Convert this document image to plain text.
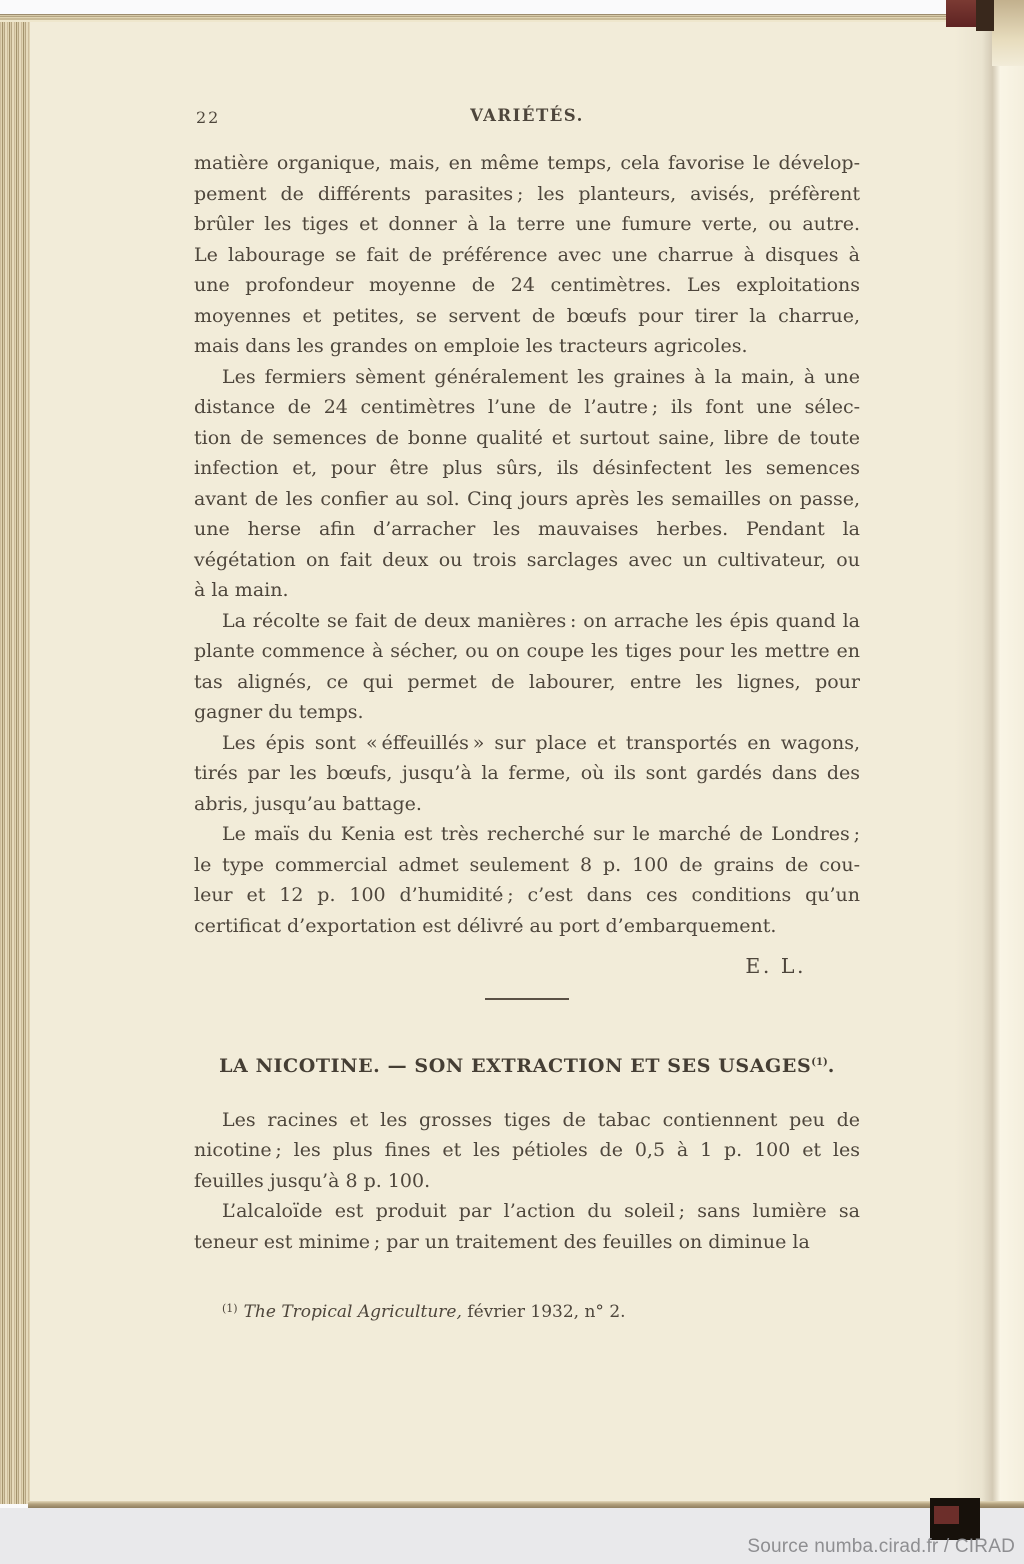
22	VARIÉTÉS.
matière organique, mais, en même temps, cela favorise le dévelop-
pement de différents parasites ; les planteurs, avisés, préfèrent
brûler les tiges et donner à la terre une fumure verte, ou autre.
Le labourage se fait de préférence avec une charrue à disques à
une profondeur moyenne de 24 centimètres. Les exploitations
moyennes et petites, se servent de bœufs pour tirer la charrue,
mais dans les grandes on emploie les tracteurs agricoles.
Les fermiers sèment généralement les graines à la main, à une
distance de 24 centimètres l’une de l’autre ; ils font une sélec-
tion de semences de bonne qualité et surtout saine, libre de toute
infection et, pour être plus sûrs, ils désinfectent les semences
avant de les confier au sol. Cinq jours après les semailles on passe,
une herse afin d’arracher les mauvaises herbes. Pendant la
végétation on fait deux ou trois sarclages avec un cultivateur, ou
à la main.
La récolte se fait de deux manières : on arrache les épis quand la
plante commence à sécher, ou on coupe les tiges pour les mettre en
tas alignés, ce qui permet de labourer, entre les lignes, pour
gagner du temps.
Les épis sont « éffeuillés » sur place et transportés en wagons,
tirés par les bœufs, jusqu’à la ferme, où ils sont gardés dans des
abris, jusqu’au battage.
Le maïs du Kenia est très recherché sur le marché de Londres ;
le type commercial admet seulement 8 p. 100 de grains de cou-
leur et 12 p. 100 d’humidité ; c’est dans ces conditions qu’un
certificat d’exportation est délivré au port d’embarquement.
E. L.
LA NICOTINE. — SON EXTRACTION ET SES USAGES$^{(1)}$.
Les racines et les grosses tiges de tabac contiennent peu de
nicotine ; les plus fines et les pétioles de 0,5 à 1 p. 100 et les
feuilles jusqu’à 8 p. 100.
L’alcaloïde est produit par l’action du soleil ; sans lumière sa
teneur est minime ; par un traitement des feuilles on diminue la
$^{(1)}$ The Tropical Agriculture, février 1932, n° 2.
Source numba.cirad.fr / CIRAD
